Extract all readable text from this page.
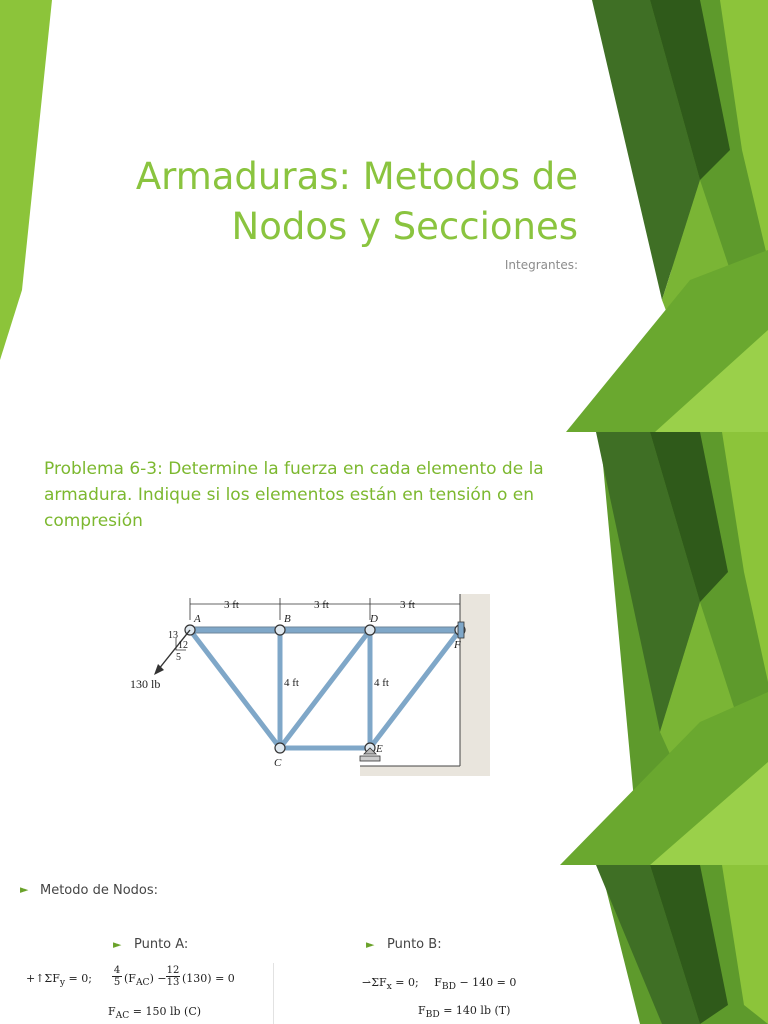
Armaduras: Metodos de
Nodos y Secciones
Integrantes:
Problema 6-3: Determine la fuerza en cada elemento de la armadura. Indique si los elementos están en tensión o en compresión
3 ft	3 ft	3 ft
13
12
5
130 lb
A	B	D
F
C
E
4 ft	4 ft
► Metodo de Nodos:
► Punto A:	► Punto B:
$+↑\Sigma F_y = 0$; $\frac{4}{5} (F_{AC}) - \frac{12}{13} (130) = 0$
$F_{AC} = 150$ lb (C)
$⇀\Sigma F_x = 0$; $F_{BD} - 140 = 0$
$F_{BD} = 140$ lb (T)
